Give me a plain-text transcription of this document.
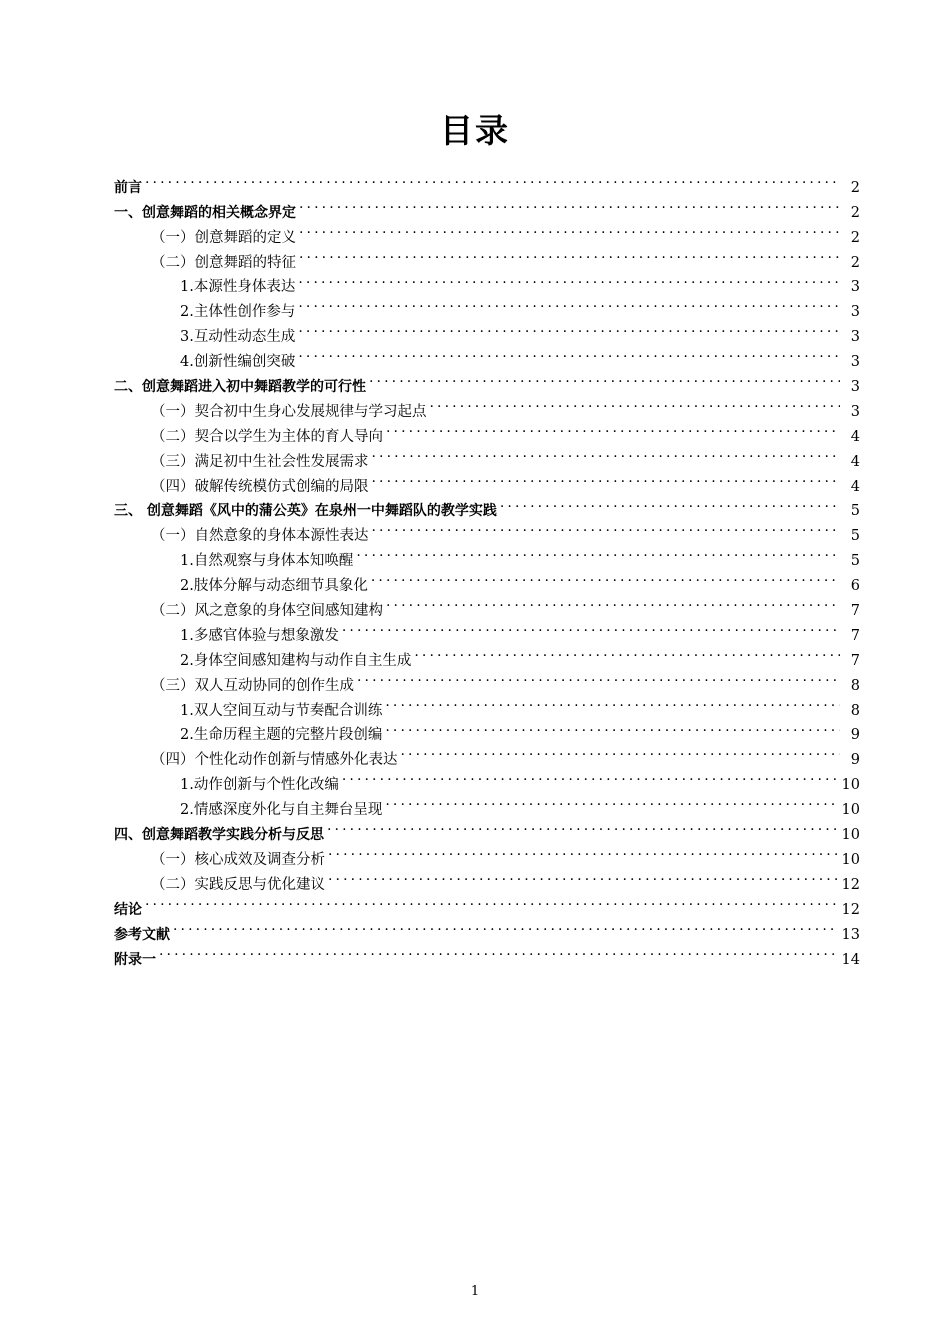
目录
前言 .....	2
一、创意舞蹈的相关概念界定 .....	2
（一）创意舞蹈的定义 .....	2
（二）创意舞蹈的特征 .....	2
1.本源性身体表达 .....	3
2.主体性创作参与 .....	3
3.互动性动态生成 .....	3
4.创新性编创突破 .....	3
二、创意舞蹈进入初中舞蹈教学的可行性 .....	3
（一）契合初中生身心发展规律与学习起点 .....	3
（二）契合以学生为主体的育人导向 .....	4
（三）满足初中生社会性发展需求 .....	4
（四）破解传统模仿式创编的局限 .....	4
三、 创意舞蹈《风中的蒲公英》在泉州一中舞蹈队的教学实践 .....	5
（一）自然意象的身体本源性表达 .....	5
1.自然观察与身体本知唤醒 .....	5
2.肢体分解与动态细节具象化 .....	6
（二）风之意象的身体空间感知建构 .....	7
1.多感官体验与想象激发 .....	7
2.身体空间感知建构与动作自主生成 .....	7
（三）双人互动协同的创作生成 .....	8
1.双人空间互动与节奏配合训练 .....	8
2.生命历程主题的完整片段创编 .....	9
（四）个性化动作创新与情感外化表达 .....	9
1.动作创新与个性化改编 .....	10
2.情感深度外化与自主舞台呈现 .....	10
四、创意舞蹈教学实践分析与反思 .....	10
（一）核心成效及调查分析 .....	10
（二）实践反思与优化建议 .....	12
结论 .....	12
参考文献 .....	13
附录一 .....	14
1
